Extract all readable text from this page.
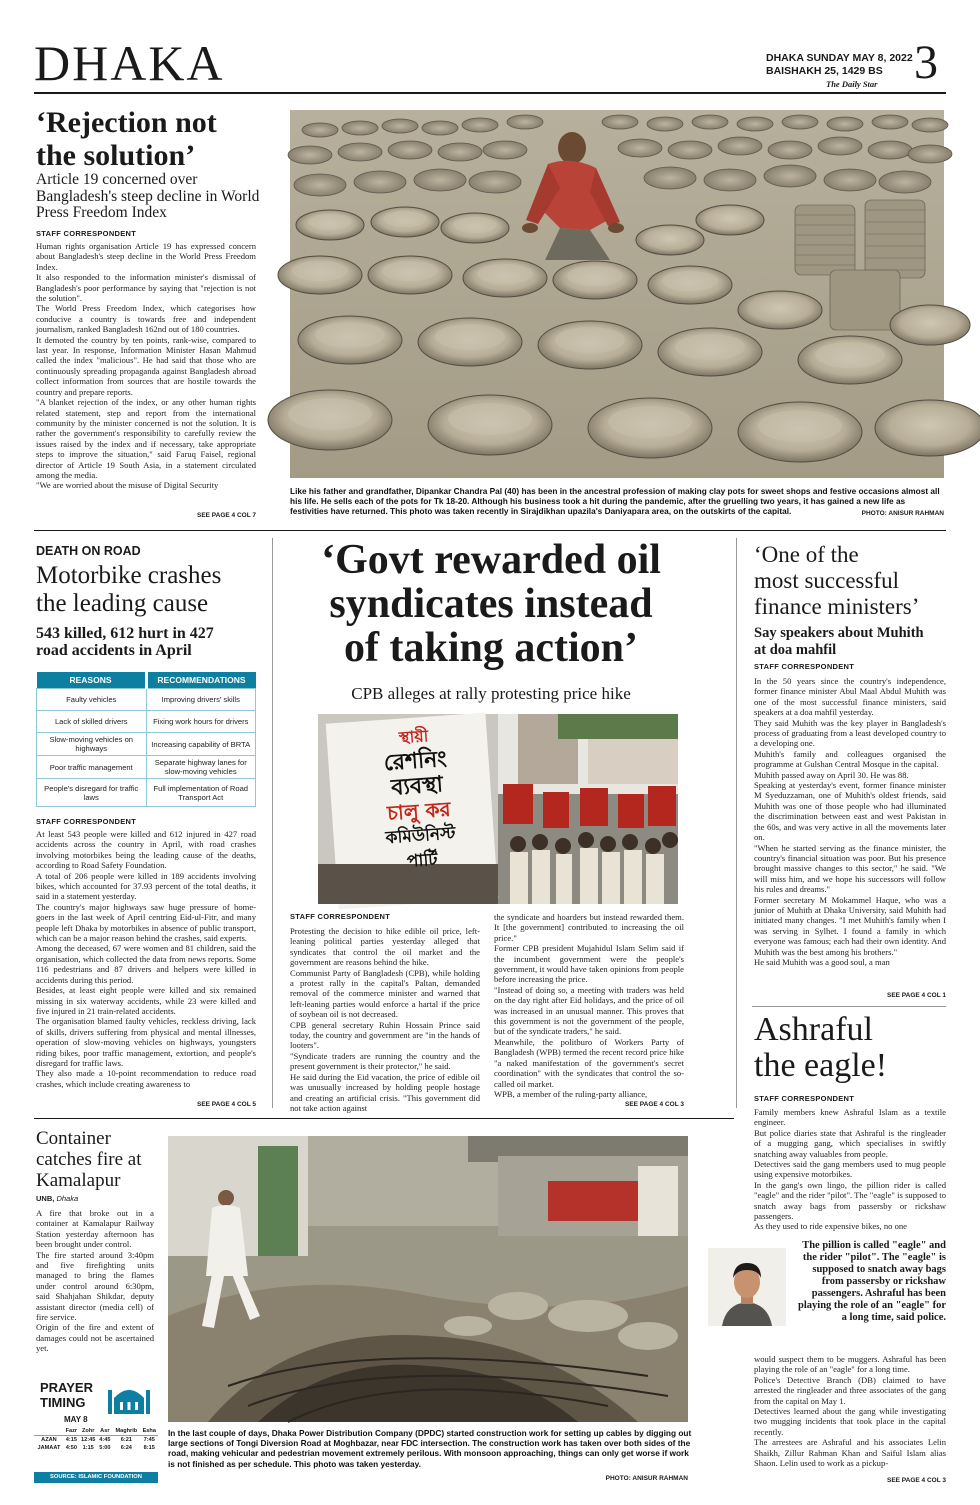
DHAKA	DHAKA SUNDAY MAY 8, 2022
BAISHAKH 25, 1429 BS
The Daily Star 3
‘Rejection not
the solution’
Article 19 concerned over Bangladesh's steep decline in World Press Freedom Index
STAFF CORRESPONDENT
Human rights organisation Article 19 has expressed concern about Bangladesh's steep decline in the World Press Freedom Index.
It also responded to the information minister's dismissal of Bangladesh's poor performance by saying that "rejection is not the solution".
The World Press Freedom Index, which categorises how conducive a country is towards free and independent journalism, ranked Bangladesh 162nd out of 180 countries.
It demoted the country by ten points, rank-wise, compared to last year. In response, Information Minister Hasan Mahmud called the index "malicious". He had said that those who are continuously spreading propaganda against Bangladesh abroad collect information from sources that are hostile towards the country and prepare reports.
"A blanket rejection of the index, or any other human rights related statement, step and report from the international community by the minister concerned is not the solution. It is rather the government's responsibility to carefully review the issues raised by the index and if necessary, take appropriate steps to improve the situation," said Faruq Faisel, regional director of Article 19 South Asia, in a statement circulated among the media.
"We are worried about the misuse of Digital Security
SEE PAGE 4 COL 7
Like his father and grandfather, Dipankar Chandra Pal (40) has been in the ancestral profession of making clay pots for sweet shops and festive occasions almost all his life. He sells each of the pots for Tk 18-20. Although his business took a hit during the pandemic, after the gruelling two years, it has gained a new life as festivities have returned. This photo was taken recently in Sirajdikhan upazila's Daniyapara area, on the outskirts of the capital.	PHOTO: ANISUR RAHMAN
DEATH ON ROAD
Motorbike crashes
the leading cause
543 killed, 612 hurt in 427 road accidents in April
REASONS	RECOMMENDATIONS
Faulty vehicles	Improving drivers' skills
Lack of skilled drivers	Fixing work hours for drivers
Slow-moving vehicles on highways	Increasing capability of BRTA
Poor traffic management	Separate highway lanes for slow-moving vehicles
People's disregard for traffic laws	Full implementation of Road Transport Act
STAFF CORRESPONDENT
At least 543 people were killed and 612 injured in 427 road accidents across the country in April, with road crashes involving motorbikes being the leading cause of the deaths, according to Road Safety Foundation.
A total of 206 people were killed in 189 accidents involving bikes, which accounted for 37.93 percent of the total deaths, it said in a statement yesterday.
The country's major highways saw huge pressure of home-goers in the last week of April centring Eid-ul-Fitr, and many people left Dhaka by motorbikes in absence of public transport, which can be a major reason behind the crashes, said experts.
Among the deceased, 67 were women and 81 children, said the organisation, which collected the data from news reports. Some 116 pedestrians and 87 drivers and helpers were killed in accidents during this period.
Besides, at least eight people were killed and six remained missing in six waterway accidents, while 23 were killed and five injured in 21 train-related accidents.
The organisation blamed faulty vehicles, reckless driving, lack of skills, drivers suffering from physical and mental illnesses, operation of slow-moving vehicles on highways, youngsters riding bikes, poor traffic management, extortion, and people's disregard for traffic laws.
They also made a 10-point recommendation to reduce road crashes, which include creating awareness to
SEE PAGE 4 COL 5
‘Govt rewarded oil
syndicates instead
of taking action’
CPB alleges at rally protesting price hike
স্থায়ী
রেশনিং
ব্যবস্থা
চালু কর
কমিউনিস্ট
পার্টি
STAFF CORRESPONDENT
Protesting the decision to hike edible oil price, left-leaning political parties yesterday alleged that syndicates that control the oil market and the government are reasons behind the hike.
Communist Party of Bangladesh (CPB), while holding a protest rally in the capital's Paltan, demanded removal of the commerce minister and warned that left-leaning parties would enforce a hartal if the price of soybean oil is not decreased.
CPB general secretary Ruhin Hossain Prince said today, the country and government are "in the hands of looters".
"Syndicate traders are running the country and the present government is their protector," he said.
He said during the Eid vacation, the price of edible oil was unusually increased by holding people hostage and creating an artificial crisis. "This government did not take action against
the syndicate and hoarders but instead rewarded them. It [the government] contributed to increasing the oil price."
Former CPB president Mujahidul Islam Selim said if the incumbent government were the people's government, it would have taken opinions from people before increasing the price.
"Instead of doing so, a meeting with traders was held on the day right after Eid holidays, and the price of oil was increased in an unusual manner. This proves that this government is not the government of the people, but of the syndicate traders," he said.
Meanwhile, the politburo of Workers Party of Bangladesh (WPB) termed the recent record price hike "a naked manifestation of the government's secret coordination" with the syndicates that control the so-called oil market.
WPB, a member of the ruling-party alliance,
SEE PAGE 4 COL 3
‘One of the
most successful
finance ministers’
Say speakers about Muhith at doa mahfil
STAFF CORRESPONDENT
In the 50 years since the country's independence, former finance minister Abul Maal Abdul Muhith was one of the most successful finance ministers, said speakers at a doa mahfil yesterday.
They said Muhith was the key player in Bangladesh's process of graduating from a least developed country to a developing one.
Muhith's family and colleagues organised the programme at Gulshan Central Mosque in the capital.
Muhith passed away on April 30. He was 88.
Speaking at yesterday's event, former finance minister M Syeduzzaman, one of Muhith's oldest friends, said Muhith was one of those people who had illuminated the discrimination between east and west Pakistan in the 60s, and was very active in all the movements later on.
"When he started serving as the finance minister, the country's financial situation was poor. But his presence brought massive changes to this sector," he said. "We will miss him, and we hope his successors will follow his rules and dreams."
Former secretary M Mokammel Haque, who was a junior of Muhith at Dhaka University, said Muhith had initiated many changes. "I met Muhith's family when I was serving in Sylhet. I found a family in which everyone was famous; each had their own identity. And Muhith was the best among his brothers."
He said Muhith was a good soul, a man
SEE PAGE 4 COL 1
Ashraful
the eagle!
STAFF CORRESPONDENT
Family members knew Ashraful Islam as a textile engineer.
But police diaries state that Ashraful is the ringleader of a mugging gang, which specialises in swiftly snatching away valuables from people.
Detectives said the gang members used to mug people using expensive motorbikes.
In the gang's own lingo, the pillion rider is called "eagle" and the rider "pilot". The "eagle" is supposed to snatch away bags from passersby or rickshaw passengers.
As they used to ride expensive bikes, no one
The pillion is called "eagle" and the rider "pilot". The "eagle" is supposed to snatch away bags from passersby or rickshaw passengers. Ashraful has been playing the role of an "eagle" for a long time, said police.
would suspect them to be muggers. Ashraful has been playing the role of an "eagle" for a long time.
Police's Detective Branch (DB) claimed to have arrested the ringleader and three associates of the gang from the capital on May 1.
Detectives learned about the gang while investigating two mugging incidents that took place in the capital recently.
The arrestees are Ashraful and his associates Lelin Shaikh, Zillur Rahman Khan and Saiful Islam alias Shaon. Lelin used to work as a pickup-
SEE PAGE 4 COL 3
Container
catches fire at
Kamalapur
UNB, Dhaka
A fire that broke out in a container at Kamalapur Railway Station yesterday afternoon has been brought under control.
The fire started around 3:40pm and five firefighting units managed to bring the flames under control around 6:30pm, said Shahjahan Shikdar, deputy assistant director (media cell) of fire service.
Origin of the fire and extent of damages could not be ascertained yet.
PRAYER
TIMING
MAY 8
	Fazr	Zohr	Asr	Maghrib	Esha
AZAN	4:15	12:45	4:45	6:21	7:45
JAMAAT	4:50	1:15	5:00	6:24	8:15
SOURCE: ISLAMIC FOUNDATION
In the last couple of days, Dhaka Power Distribution Company (DPDC) started construction work for setting up cables by digging out large sections of Tongi Diversion Road at Moghbazar, near FDC intersection. The construction work has taken over both sides of the road, making vehicular and pedestrian movement extremely perilous. With monsoon approaching, things can only get worse if work is not finished as per schedule. This photo was taken yesterday.
PHOTO: ANISUR RAHMAN
